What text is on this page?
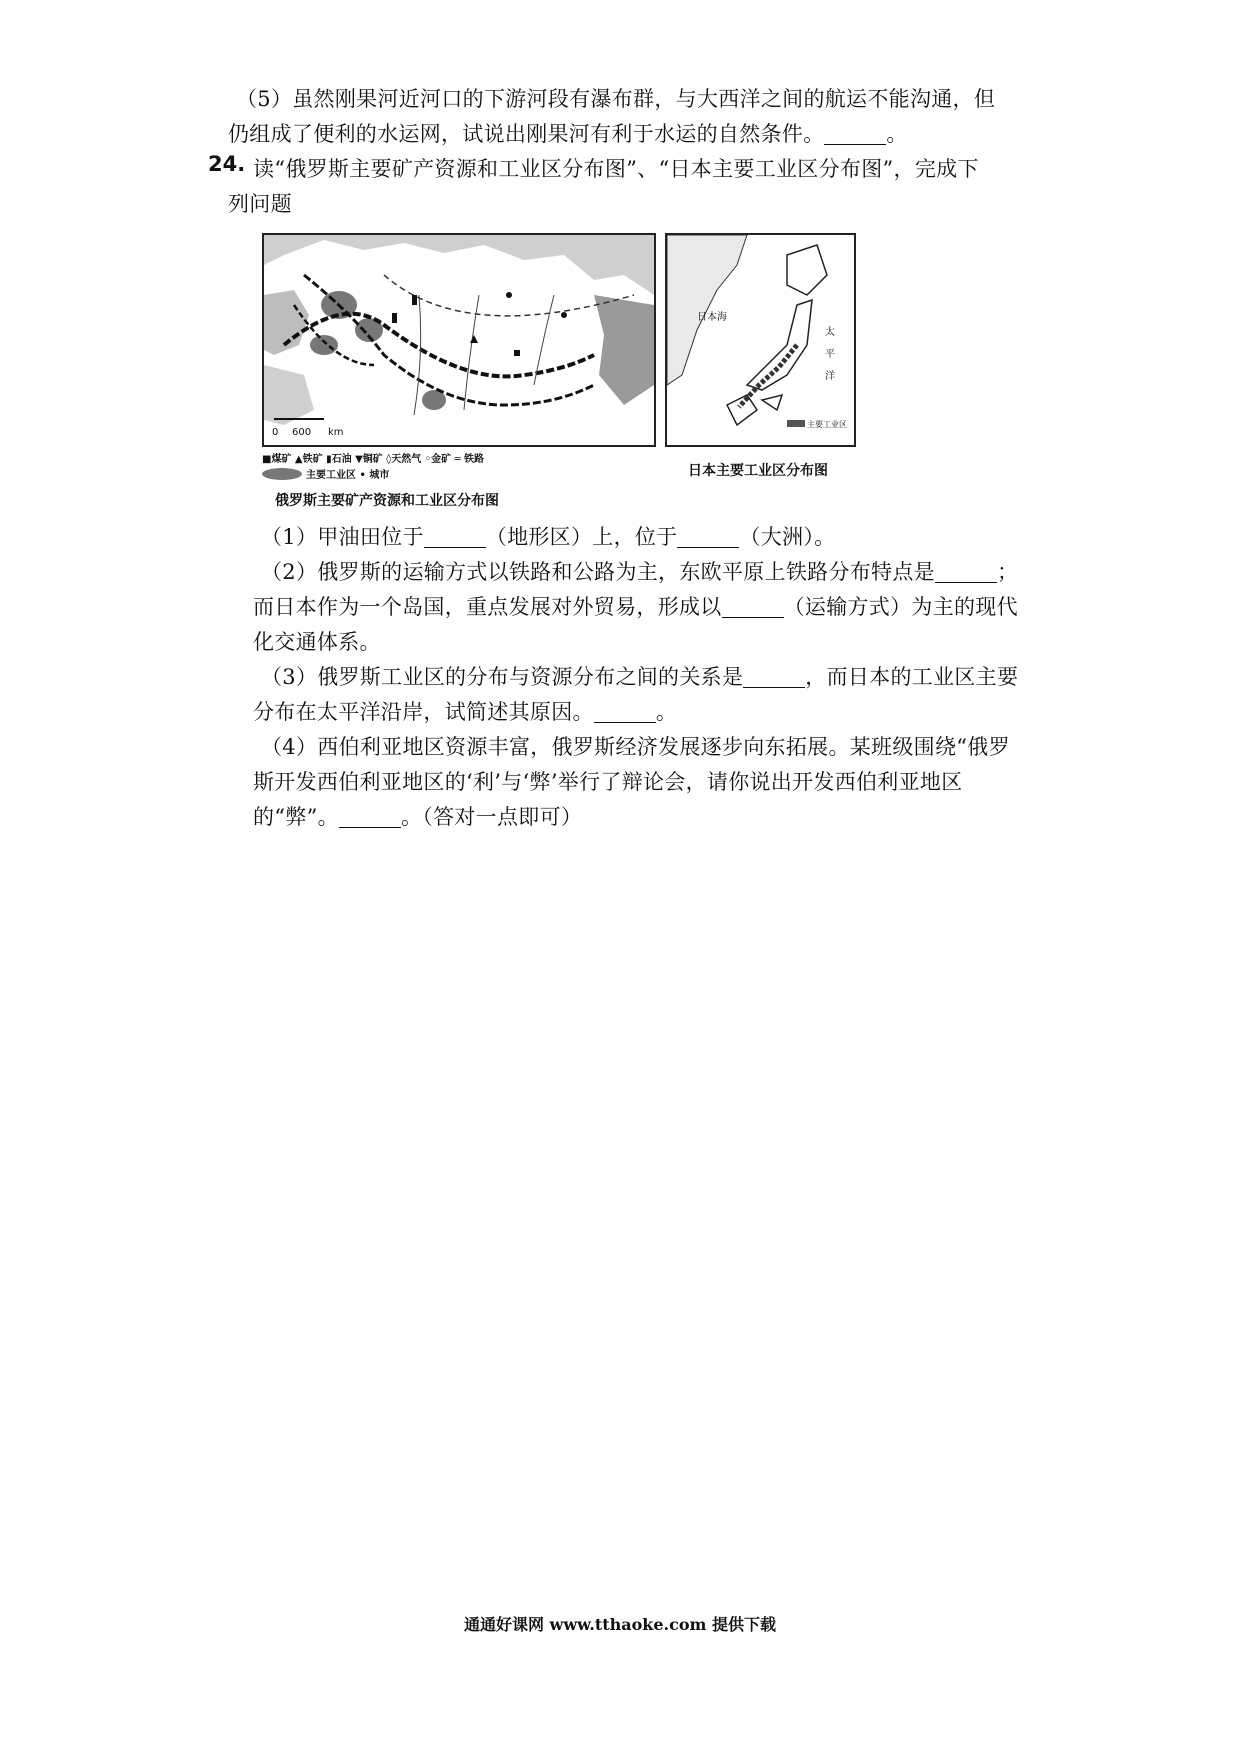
（5）虽然刚果河近河口的下游河段有瀑布群，与大西洋之间的航运不能沟通，但
仍组成了便利的水运网，试说出刚果河有利于水运的自然条件。	。
24. 读“俄罗斯主要矿产资源和工业区分布图”、“日本主要工业区分布图”，完成下
列问题
0 600 km
■煤矿 ▲铁矿 ▮石油 ▼铜矿 ◊天然气 ◦金矿 ═ 铁路
主要工业区 • 城市
俄罗斯主要矿产资源和工业区分布图
日本海
太
平
洋
主要工业区
日本主要工业区分布图
（1）甲油田位于	（地形区）上，位于	（大洲）。
（2）俄罗斯的运输方式以铁路和公路为主，东欧平原上铁路分布特点是	；
而日本作为一个岛国，重点发展对外贸易，形成以	（运输方式）为主的现代
化交通体系。
（3）俄罗斯工业区的分布与资源分布之间的关系是	，而日本的工业区主要
分布在太平洋沿岸，试简述其原因。	。
（4）西伯利亚地区资源丰富，俄罗斯经济发展逐步向东拓展。某班级围绕“俄罗
斯开发西伯利亚地区的‘利’与‘弊’举行了辩论会，请你说出开发西伯利亚地区
的“弊”。	。（答对一点即可）
通通好课网 www.tthaoke.com 提供下载
